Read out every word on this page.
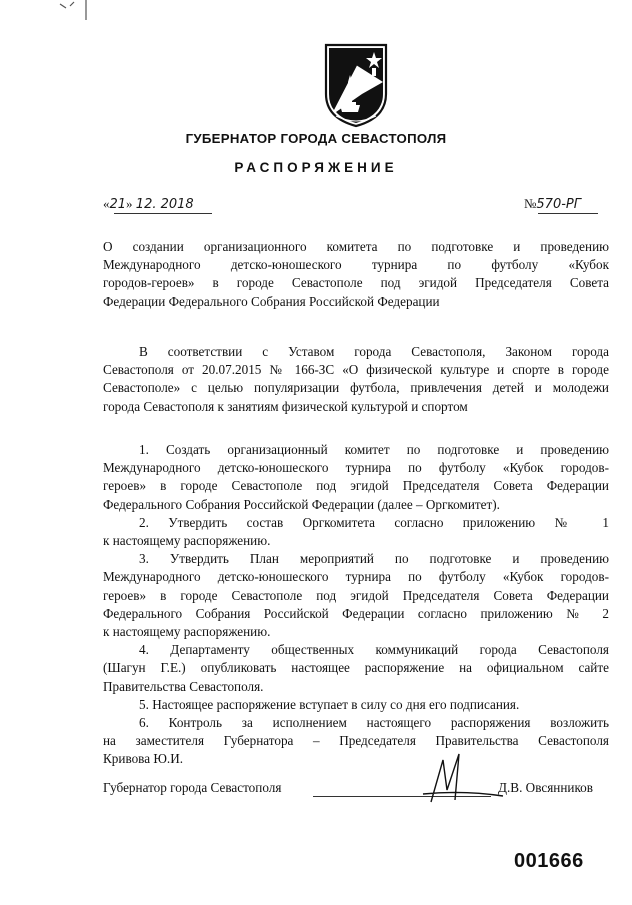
ГУБЕРНАТОР ГОРОДА СЕВАСТОПОЛЯ
РАСПОРЯЖЕНИЕ
«21» 12. 2018	№570-РГ

О создании организационного комитета по подготовке и проведению

Международного детско-юношеского турнира по футболу «Кубок

городов-героев» в городе Севастополе под эгидой Председателя Совета

Федерации Федерального Собрания Российской Федерации

В соответствии с Уставом города Севастополя, Законом города

Севастополя от 20.07.2015 № 166-ЗС «О физической культуре и спорте в городе

Севастополе» с целью популяризации футбола, привлечения детей и молодежи

города Севастополя к занятиям физической культурой и спортом

1. Создать организационный комитет по подготовке и проведению

Международного детско-юношеского турнира по футболу «Кубок городов-

героев» в городе Севастополе под эгидой Председателя Совета Федерации

Федерального Собрания Российской Федерации (далее – Оргкомитет).

2. Утвердить состав Оргкомитета согласно приложению № 1

к настоящему распоряжению.

3. Утвердить План мероприятий по подготовке и проведению

Международного детско-юношеского турнира по футболу «Кубок городов-

героев» в городе Севастополе под эгидой Председателя Совета Федерации

Федерального Собрания Российской Федерации согласно приложению № 2

к настоящему распоряжению.

4. Департаменту общественных коммуникаций города Севастополя

(Шагун Г.Е.) опубликовать настоящее распоряжение на официальном сайте

Правительства Севастополя.

5. Настоящее распоряжение вступает в силу со дня его подписания.

6. Контроль за исполнением настоящего распоряжения возложить

на заместителя Губернатора – Председателя Правительства Севастополя

Кривова Ю.И.

Губернатор города Севастополя	Д.В. Овсянников
001666
